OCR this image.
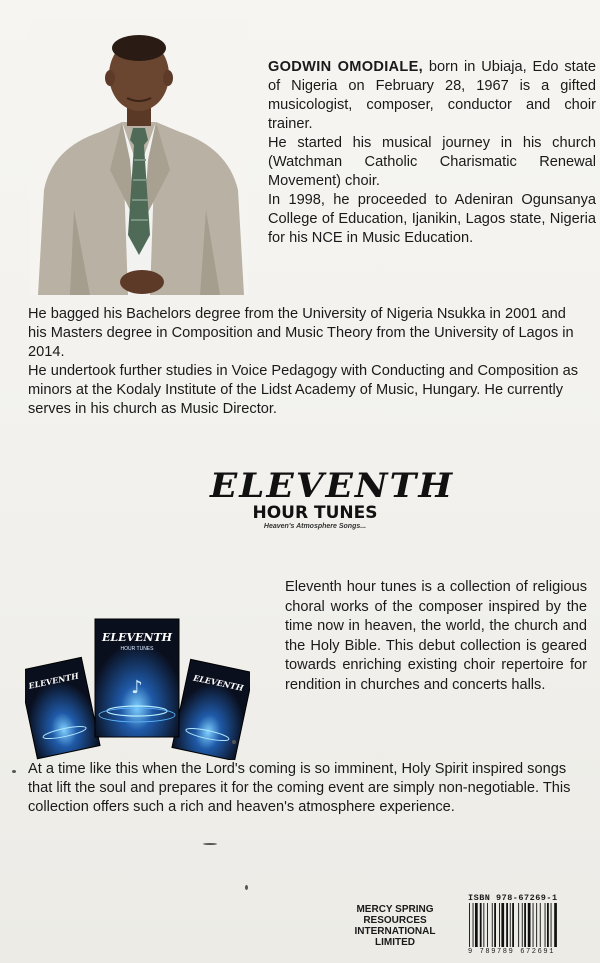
GODWIN OMODIALE, born in Ubiaja, Edo state of Nigeria on February 28, 1967 is a gifted musicologist, composer, conductor and choir trainer.

He started his musical journey in his church (Watchman Catholic Charismatic Renewal Movement) choir.

In 1998, he proceeded to Adeniran Ogunsanya College of Education, Ijanikin, Lagos state, Nigeria for his NCE in Music Education.

He bagged his Bachelors degree from the University of Nigeria Nsukka in 2001 and his Masters degree in Composition and Music Theory from the University of Lagos in 2014.

He undertook further studies in Voice Pedagogy with Conducting and Composition as minors at the Kodaly Institute of the Lidst Academy of Music, Hungary. He currently serves in his church as Music Director.

ELEVENTH
HOUR TUNES
Heaven's Atmosphere Songs...
ELEVENTH	ELEVENTH
ELEVENTH
HOUR TUNES
♪

Eleventh hour tunes is a collection of religious choral works of the composer inspired by the time now in heaven, the world, the church and the Holy Bible. This debut collection is geared towards enriching existing choir repertoire for rendition in churches and concerts halls.

At a time like this when the Lord's coming is so imminent, Holy Spirit inspired songs that lift the soul and prepares it for the coming event are simply non-negotiable. This collection offers such a rich and heaven's atmosphere experience.

MERCY SPRING
RESOURCES INTERNATIONAL
LIMITED
ISBN 978-67269-1
9 789789 672691
